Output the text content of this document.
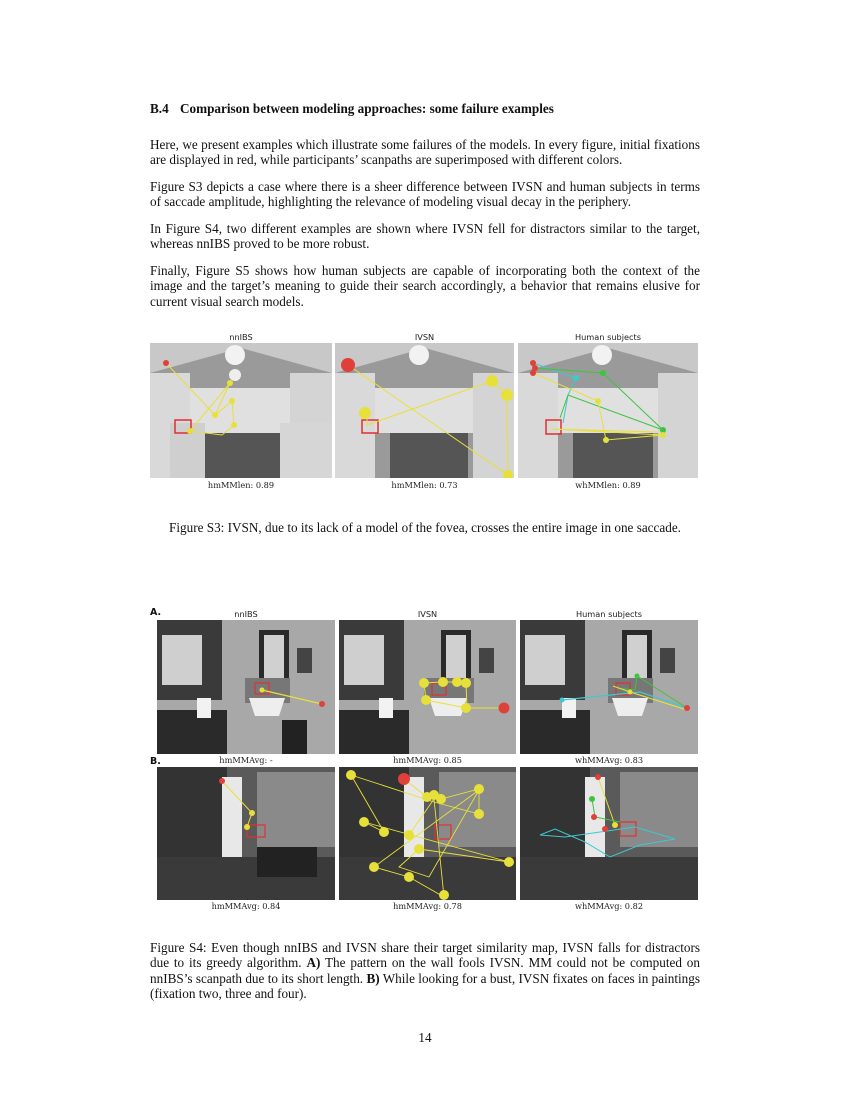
B.4 Comparison between modeling approaches: some failure examples

Here, we present examples which illustrate some failures of the models. In every figure, initial fixations are displayed in red, while participants’ scanpaths are superimposed with different colors.

Figure S3 depicts a case where there is a sheer difference between IVSN and human subjects in terms of saccade amplitude, highlighting the relevance of modeling visual decay in the periphery.

In Figure S4, two different examples are shown where IVSN fell for distractors similar to the target, whereas nnIBS proved to be more robust.

Finally, Figure S5 shows how human subjects are capable of incorporating both the context of the image and the target’s meaning to guide their search accordingly, a behavior that remains elusive for current visual search models.

nnIBS	IVSN	Human subjects
hmMMlen: 0.89	hmMMlen: 0.73	whMMlen: 0.89
Figure S3: IVSN, due to its lack of a model of the fovea, crosses the entire image in one saccade.
A.	nnIBS	IVSN	Human subjects
hmMMAvg: -	hmMMAvg: 0.85	whMMAvg: 0.83
B.
hmMMAvg: 0.84	hmMMAvg: 0.78	whMMAvg: 0.82

Figure S4: Even though nnIBS and IVSN share their target similarity map, IVSN falls for distractors due to its greedy algorithm. A) The pattern on the wall fools IVSN. MM could not be computed on nnIBS’s scanpath due to its short length. B) While looking for a bust, IVSN fixates on faces in paintings (fixation two, three and four).

14
